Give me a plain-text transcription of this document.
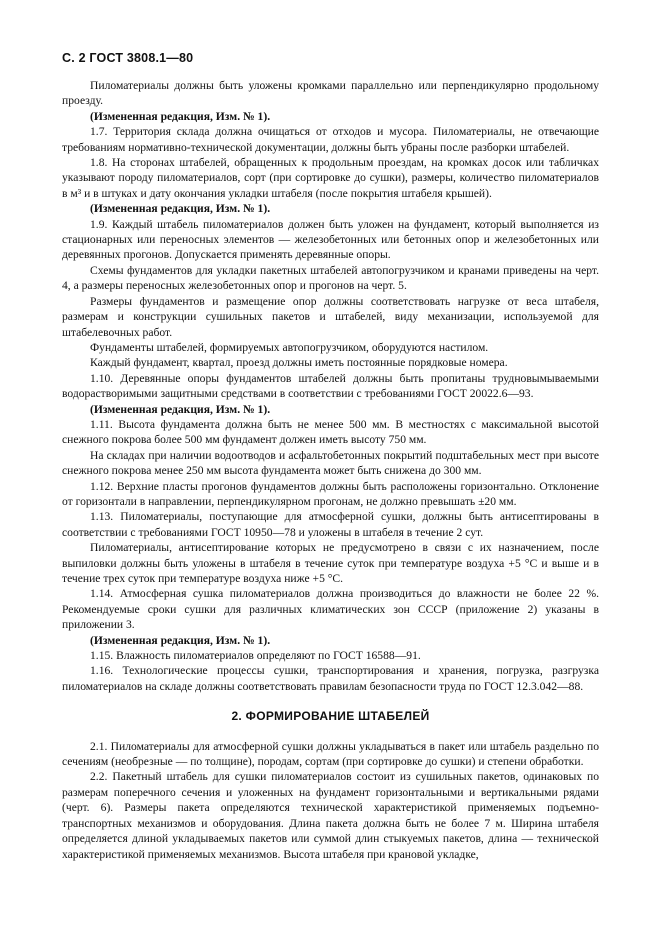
С. 2 ГОСТ 3808.1—80

Пиломатериалы должны быть уложены кромками параллельно или перпендикулярно продольному проезду.

(Измененная редакция, Изм. № 1).

1.7. Территория склада должна очищаться от отходов и мусора. Пиломатериалы, не отвечающие требованиям нормативно-технической документации, должны быть убраны после разборки штабелей.

1.8. На сторонах штабелей, обращенных к продольным проездам, на кромках досок или табличках указывают породу пиломатериалов, сорт (при сортировке до сушки), размеры, количество пиломатериалов в м³ и в штуках и дату окончания укладки штабеля (после покрытия штабеля крышей).

(Измененная редакция, Изм. № 1).

1.9. Каждый штабель пиломатериалов должен быть уложен на фундамент, который выполняется из стационарных или переносных элементов — железобетонных или бетонных опор и железобетонных или деревянных прогонов. Допускается применять деревянные опоры.

Схемы фундаментов для укладки пакетных штабелей автопогрузчиком и кранами приведены на черт. 4, а размеры переносных железобетонных опор и прогонов на черт. 5.

Размеры фундаментов и размещение опор должны соответствовать нагрузке от веса штабеля, размерам и конструкции сушильных пакетов и штабелей, виду механизации, используемой для штабелевочных работ.

Фундаменты штабелей, формируемых автопогрузчиком, оборудуются настилом.

Каждый фундамент, квартал, проезд должны иметь постоянные порядковые номера.

1.10. Деревянные опоры фундаментов штабелей должны быть пропитаны трудновымываемыми водорастворимыми защитными средствами в соответствии с требованиями ГОСТ 20022.6—93.

(Измененная редакция, Изм. № 1).

1.11. Высота фундамента должна быть не менее 500 мм. В местностях с максимальной высотой снежного покрова более 500 мм фундамент должен иметь высоту 750 мм.

На складах при наличии водоотводов и асфальтобетонных покрытий подштабельных мест при высоте снежного покрова менее 250 мм высота фундамента может быть снижена до 300 мм.

1.12. Верхние пласты прогонов фундаментов должны быть расположены горизонтально. Отклонение от горизонтали в направлении, перпендикулярном прогонам, не должно превышать ±20 мм.

1.13. Пиломатериалы, поступающие для атмосферной сушки, должны быть антисептированы в соответствии с требованиями ГОСТ 10950—78 и уложены в штабеля в течение 2 сут.

Пиломатериалы, антисептирование которых не предусмотрено в связи с их назначением, после выпиловки должны быть уложены в штабеля в течение суток при температуре воздуха +5 °С и выше и в течение трех суток при температуре воздуха ниже +5 °С.

1.14. Атмосферная сушка пиломатериалов должна производиться до влажности не более 22 %. Рекомендуемые сроки сушки для различных климатических зон СССР (приложение 2) указаны в приложении 3.

(Измененная редакция, Изм. № 1).

1.15. Влажность пиломатериалов определяют по ГОСТ 16588—91.

1.16. Технологические процессы сушки, транспортирования и хранения, погрузка, разгрузка пиломатериалов на складе должны соответствовать правилам безопасности труда по ГОСТ 12.3.042—88.

2. ФОРМИРОВАНИЕ ШТАБЕЛЕЙ

2.1. Пиломатериалы для атмосферной сушки должны укладываться в пакет или штабель раздельно по сечениям (необрезные — по толщине), породам, сортам (при сортировке до сушки) и степени обработки.

2.2. Пакетный штабель для сушки пиломатериалов состоит из сушильных пакетов, одинаковых по размерам поперечного сечения и уложенных на фундамент горизонтальными и вертикальными рядами (черт. 6). Размеры пакета определяются технической характеристикой применяемых подъемно-транспортных механизмов и оборудования. Длина пакета должна быть не более 7 м. Ширина штабеля определяется длиной укладываемых пакетов или суммой длин стыкуемых пакетов, длина — технической характеристикой применяемых механизмов. Высота штабеля при крановой укладке,
